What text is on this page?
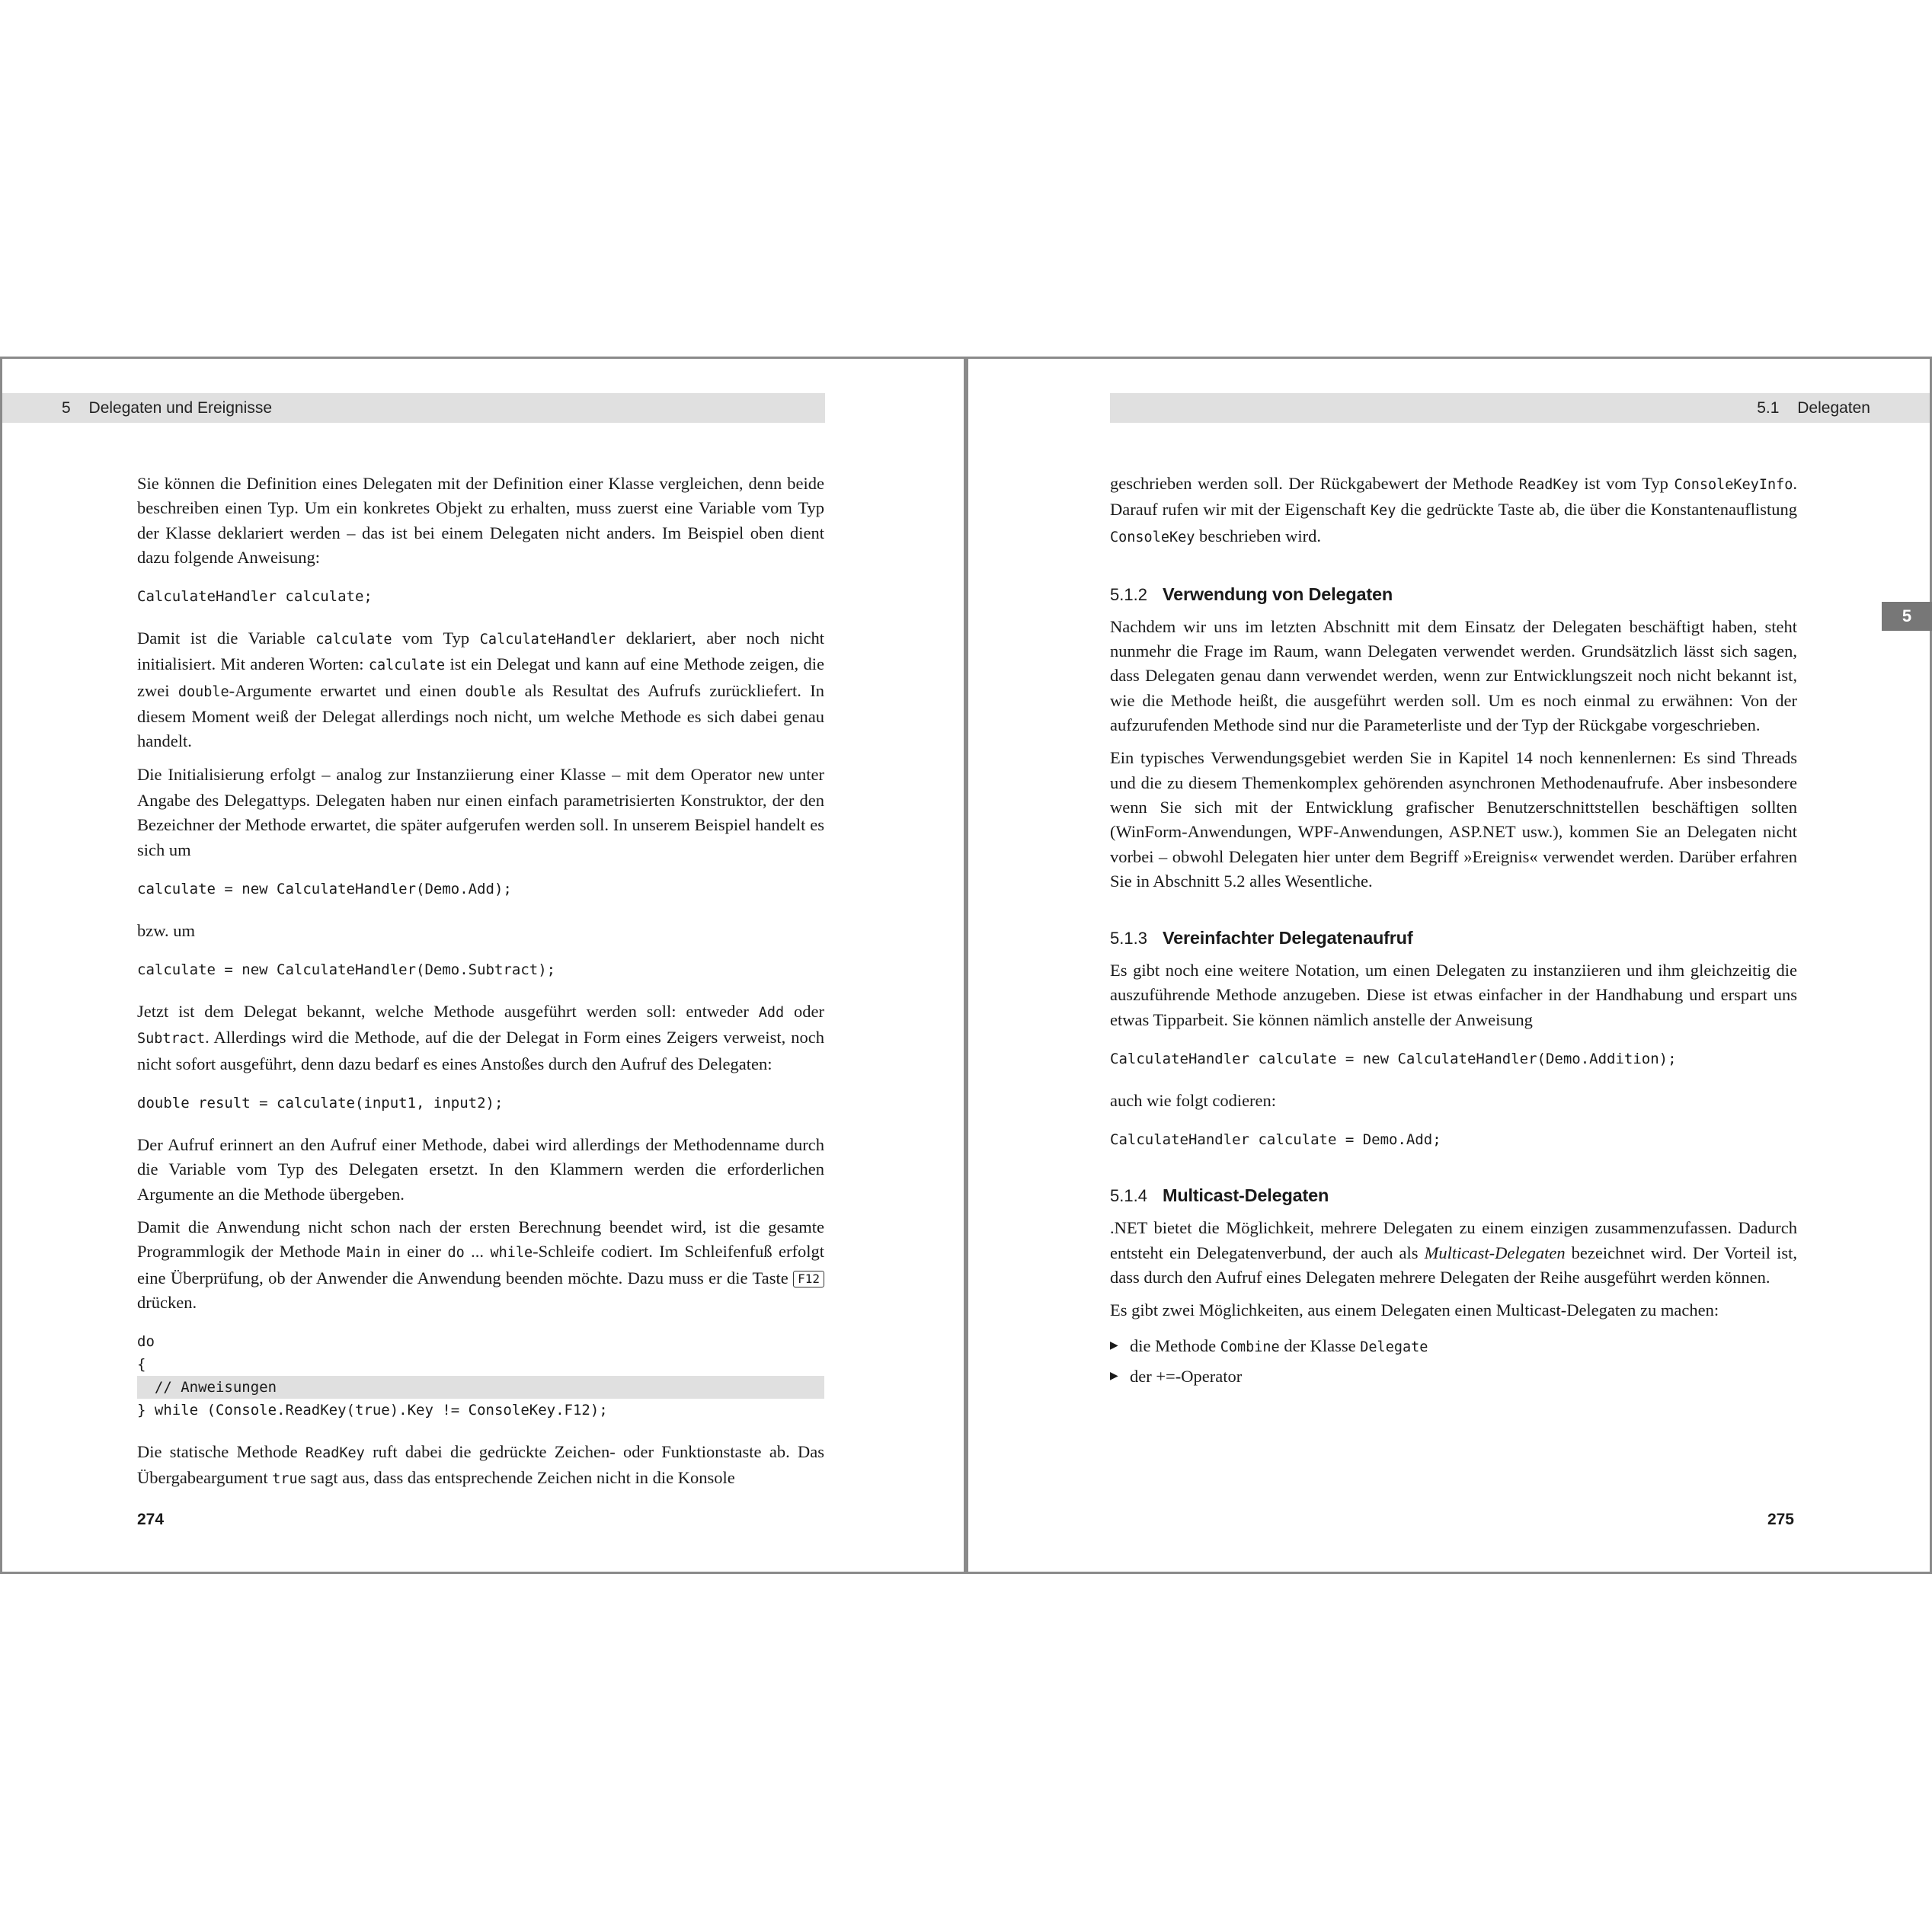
5 Delegaten und Ereignisse

Sie können die Definition eines Delegaten mit der Definition einer Klasse vergleichen, denn beide beschreiben einen Typ. Um ein konkretes Objekt zu erhalten, muss zuerst eine Variable vom Typ der Klasse deklariert werden – das ist bei einem Delegaten nicht anders. Im Beispiel oben dient dazu folgende Anweisung:

CalculateHandler calculate;

Damit ist die Variable calculate vom Typ CalculateHandler deklariert, aber noch nicht initialisiert. Mit anderen Worten: calculate ist ein Delegat und kann auf eine Methode zeigen, die zwei double-Argumente erwartet und einen double als Resultat des Aufrufs zurückliefert. In diesem Moment weiß der Delegat allerdings noch nicht, um welche Methode es sich dabei genau handelt.

Die Initialisierung erfolgt – analog zur Instanziierung einer Klasse – mit dem Operator new unter Angabe des Delegattyps. Delegaten haben nur einen einfach parametrisierten Konstruktor, der den Bezeichner der Methode erwartet, die später aufgerufen werden soll. In unserem Beispiel handelt es sich um

calculate = new CalculateHandler(Demo.Add);

bzw. um

calculate = new CalculateHandler(Demo.Subtract);

Jetzt ist dem Delegat bekannt, welche Methode ausgeführt werden soll: entweder Add oder Subtract. Allerdings wird die Methode, auf die der Delegat in Form eines Zeigers verweist, noch nicht sofort ausgeführt, denn dazu bedarf es eines Anstoßes durch den Aufruf des Delegaten:

double result = calculate(input1, input2);

Der Aufruf erinnert an den Aufruf einer Methode, dabei wird allerdings der Methodenname durch die Variable vom Typ des Delegaten ersetzt. In den Klammern werden die erforderlichen Argumente an die Methode übergeben.

Damit die Anwendung nicht schon nach der ersten Berechnung beendet wird, ist die gesamte Programmlogik der Methode Main in einer do ... while-Schleife codiert. Im Schleifenfuß erfolgt eine Überprüfung, ob der Anwender die Anwendung beenden möchte. Dazu muss er die Taste F12 drücken.

do
{
// Anweisungen
} while (Console.ReadKey(true).Key != ConsoleKey.F12);

Die statische Methode ReadKey ruft dabei die gedrückte Zeichen- oder Funktionstaste ab. Das Übergabeargument true sagt aus, dass das entsprechende Zeichen nicht in die Konsole

274
5.1 Delegaten

geschrieben werden soll. Der Rückgabewert der Methode ReadKey ist vom Typ ConsoleKeyInfo. Darauf rufen wir mit der Eigenschaft Key die gedrückte Taste ab, die über die Konstantenauflistung ConsoleKey beschrieben wird.

5.1.2 Verwendung von Delegaten

Nachdem wir uns im letzten Abschnitt mit dem Einsatz der Delegaten beschäftigt haben, steht nunmehr die Frage im Raum, wann Delegaten verwendet werden. Grundsätzlich lässt sich sagen, dass Delegaten genau dann verwendet werden, wenn zur Entwicklungszeit noch nicht bekannt ist, wie die Methode heißt, die ausgeführt werden soll. Um es noch einmal zu erwähnen: Von der aufzurufenden Methode sind nur die Parameterliste und der Typ der Rückgabe vorgeschrieben.

Ein typisches Verwendungsgebiet werden Sie in Kapitel 14 noch kennenlernen: Es sind Threads und die zu diesem Themenkomplex gehörenden asynchronen Methodenaufrufe. Aber insbesondere wenn Sie sich mit der Entwicklung grafischer Benutzerschnittstellen beschäftigen sollten (WinForm-Anwendungen, WPF-Anwendungen, ASP.NET usw.), kommen Sie an Delegaten nicht vorbei – obwohl Delegaten hier unter dem Begriff »Ereignis« verwendet werden. Darüber erfahren Sie in Abschnitt 5.2 alles Wesentliche.

5.1.3 Vereinfachter Delegatenaufruf

Es gibt noch eine weitere Notation, um einen Delegaten zu instanziieren und ihm gleichzeitig die auszuführende Methode anzugeben. Diese ist etwas einfacher in der Handhabung und erspart uns etwas Tipparbeit. Sie können nämlich anstelle der Anweisung

CalculateHandler calculate = new CalculateHandler(Demo.Addition);

auch wie folgt codieren:

CalculateHandler calculate = Demo.Add;
5.1.4 Multicast-Delegaten

.NET bietet die Möglichkeit, mehrere Delegaten zu einem einzigen zusammenzufassen. Dadurch entsteht ein Delegatenverbund, der auch als Multicast-Delegaten bezeichnet wird. Der Vorteil ist, dass durch den Aufruf eines Delegaten mehrere Delegaten der Reihe ausgeführt werden können.

Es gibt zwei Möglichkeiten, aus einem Delegaten einen Multicast-Delegaten zu machen:

▶ die Methode Combine der Klasse Delegate
▶ der +=-Operator
275
5
